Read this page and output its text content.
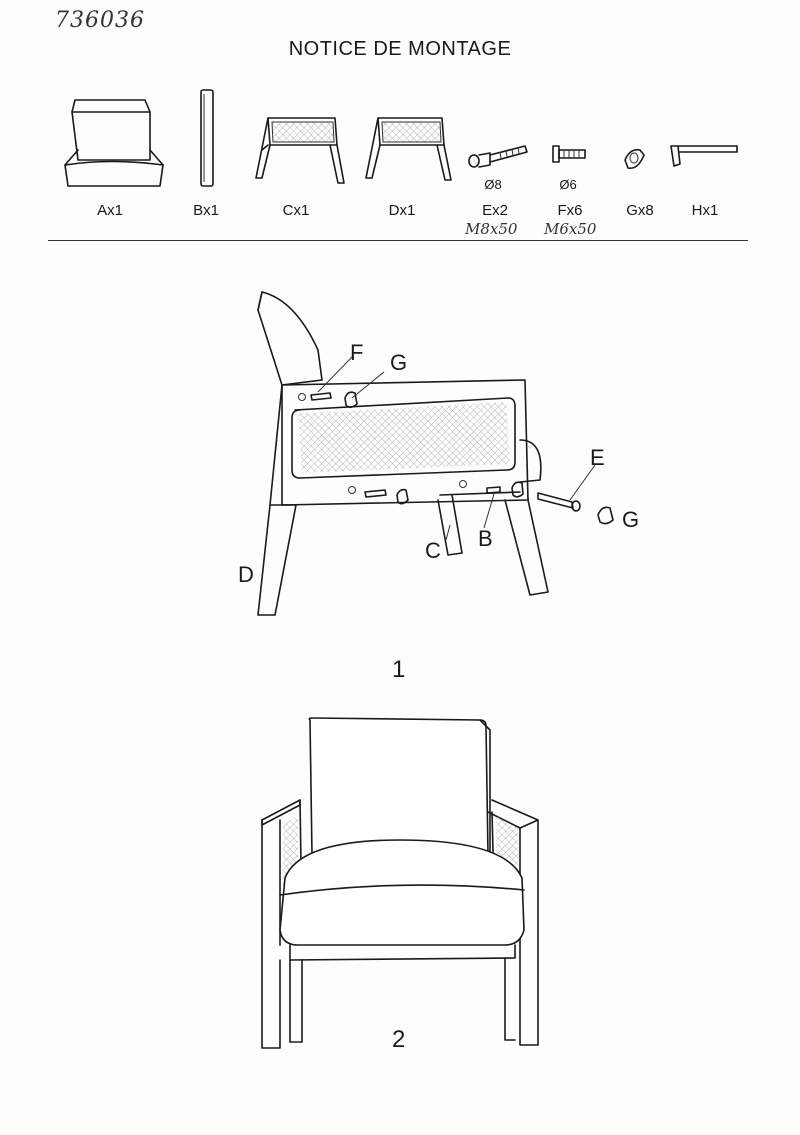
736036
NOTICE DE MONTAGE
Ax1	Bx1	Cx1	Dx1
Ø8
Ex2
M8x50
Ø6
Fx6
M6x50
Gx8	Hx1
F G
E
G
C B
D
1
2
